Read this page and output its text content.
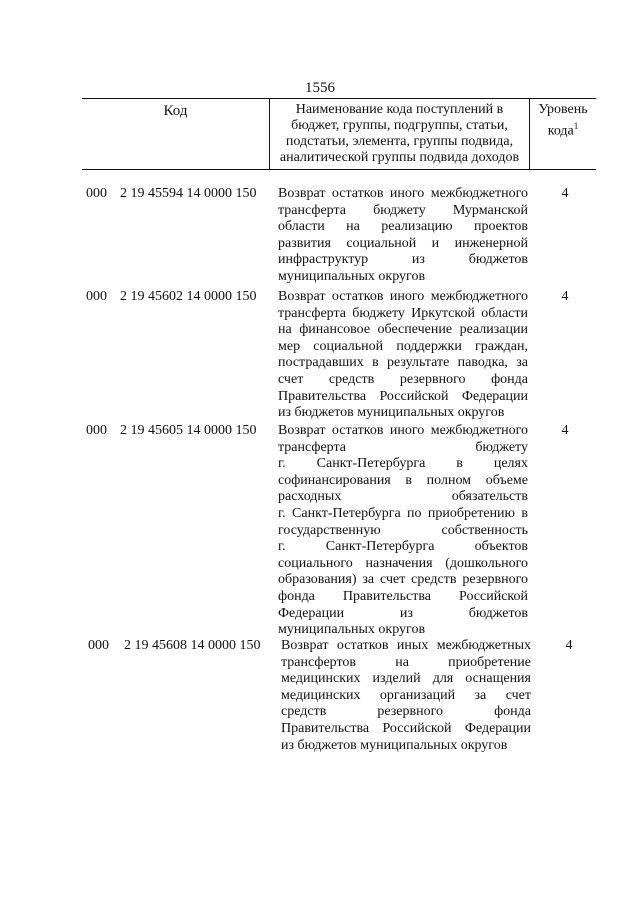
1556
Код	Наименование кода поступлений в бюджет, группы, подгруппы, статьи, подстатьи, элемента, группы подвида, аналитической группы подвида доходов
Уровень кода$^1$
000 2 19 45594 14 0000 150 Возврат остатков иного межбюджетного
трансферта бюджету Мурманской
области на реализацию проектов
развития социальной и инженерной
инфраструктур из бюджетов
муниципальных округов
4
000 2 19 45602 14 0000 150 Возврат остатков иного межбюджетного
трансферта бюджету Иркутской области
на финансовое обеспечение реализации
мер социальной поддержки граждан,
пострадавших в результате паводка, за
счет средств резервного фонда
Правительства Российской Федерации
из бюджетов муниципальных округов
4
000 2 19 45605 14 0000 150 Возврат остатков иного межбюджетного
трансферта бюджету
г. Санкт-Петербурга в целях
софинансирования в полном объеме
расходных обязательств
г. Санкт-Петербурга по приобретению в
государственную собственность
г. Санкт-Петербурга объектов
социального назначения (дошкольного
образования) за счет средств резервного
фонда Правительства Российской
Федерации из бюджетов
муниципальных округов
4
000 2 19 45608 14 0000 150 Возврат остатков иных межбюджетных
трансфертов на приобретение
медицинских изделий для оснащения
медицинских организаций за счет
средств резервного фонда
Правительства Российской Федерации
из бюджетов муниципальных округов
4
